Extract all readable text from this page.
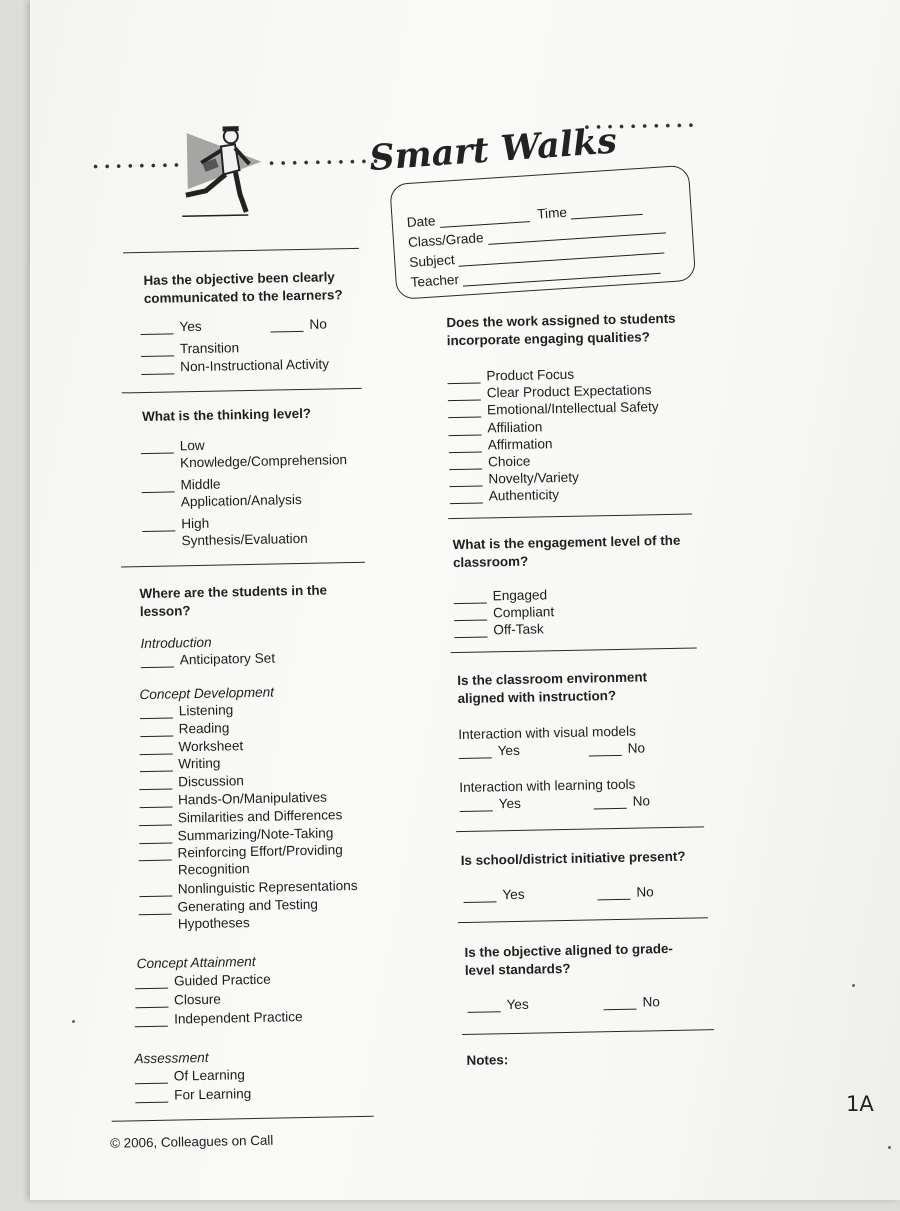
••••••••	••••••••••
••••••••••
Smart Walks
Date
Time
Class/Grade
Subject
Teacher
Has the objective been clearly communicated to the learners?
Yes	No
Transition
Non-Instructional Activity
What is the thinking level?
Low
Knowledge/Comprehension
Middle
Application/Analysis
High
Synthesis/Evaluation
Where are the students in the lesson?
Introduction
Anticipatory Set
Concept Development
Listening
Reading
Worksheet
Writing
Discussion
Hands-On/Manipulatives
Similarities and Differences
Summarizing/Note-Taking
Reinforcing Effort/Providing
Recognition
Nonlinguistic Representations
Generating and Testing
Hypotheses
Concept Attainment
Guided Practice
Closure
Independent Practice
Assessment
Of Learning
For Learning
Does the work assigned to students incorporate engaging qualities?
Product Focus
Clear Product Expectations
Emotional/Intellectual Safety
Affiliation
Affirmation
Choice
Novelty/Variety
Authenticity
What is the engagement level of the classroom?
Engaged
Compliant
Off-Task
Is the classroom environment aligned with instruction?
Interaction with visual models
Yes	No
Interaction with learning tools
Yes	No
Is school/district initiative present?
Yes	No
Is the objective aligned to grade-level standards?
Yes	No
Notes:
© 2006, Colleagues on Call
1A
